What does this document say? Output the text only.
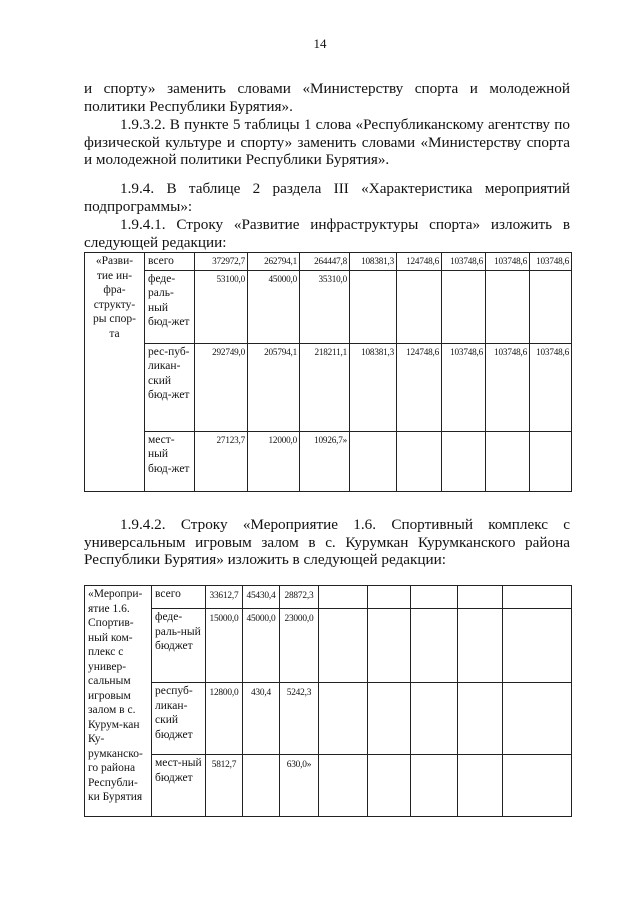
14

и спорту» заменить словами «Министерству спорта и молодежной политики Республики Бурятия».

1.9.3.2. В пункте 5 таблицы 1 слова «Республиканскому агентству по физической культуре и спорту» заменить словами «Министерству спорта и молодежной политики Республики Бурятия».

1.9.4. В таблице 2 раздела III «Характеристика мероприятий подпрограммы»:

1.9.4.1. Строку «Развитие инфраструктуры спорта» изложить в следующей редакции:

«Разви-тие ин-фра-структу-ры спор-та	всего	372972,7	262794,1	264447,8	108381,3	124748,6	103748,6	103748,6	103748,6
	феде-раль-ный бюд-жет	53100,0	45000,0	35310,0					
	рес-пуб-ликан-ский бюд-жет	292749,0	205794,1	218211,1	108381,3	124748,6	103748,6	103748,6	103748,6
	мест-ный бюд-жет	27123,7	12000,0	10926,7»					

1.9.4.2. Строку «Мероприятие 1.6. Спортивный комплекс с универсальным игровым залом в с. Курумкан Курумканского района Республики Бурятия» изложить в следующей редакции:

«Меропри-ятие 1.6. Спортив-ный ком-плекс с универ-сальным игровым залом в с. Курум-кан Ку-румканско-го района Республи-ки Бурятия	всего	33612,7	45430,4	28872,3					
	феде-раль-ный бюджет	15000,0	45000,0	23000,0					
	респуб-ликан-ский бюджет	12800,0	430,4	5242,3					
	мест-ный бюджет	5812,7		630,0»					
